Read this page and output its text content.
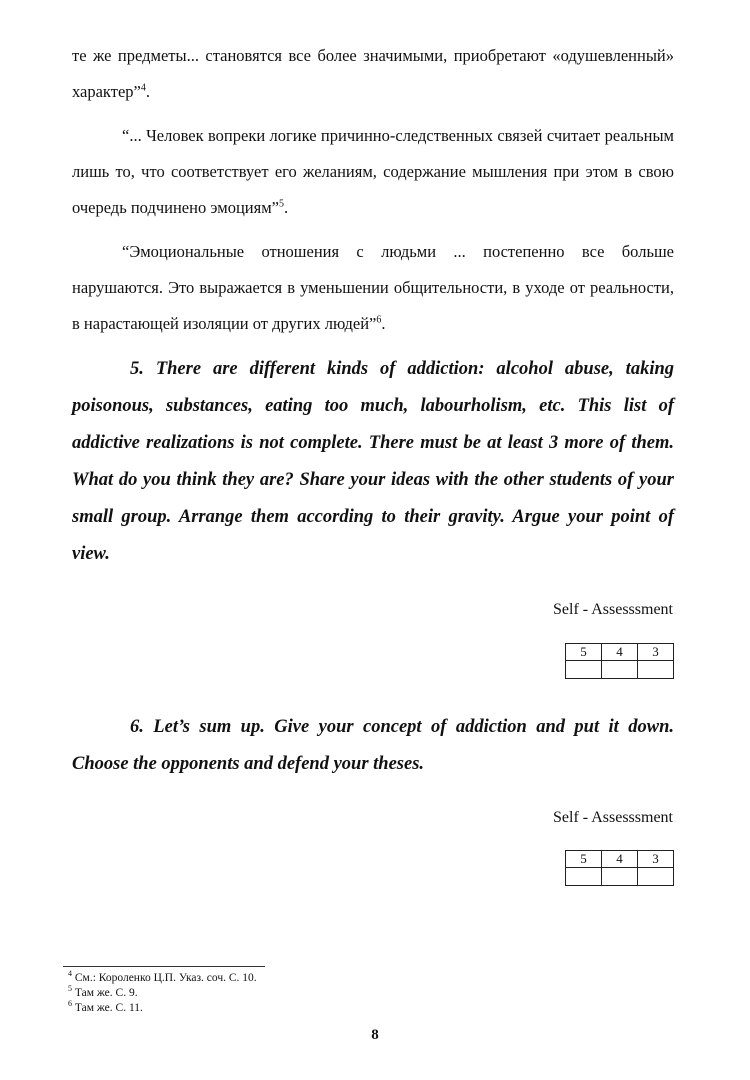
те же предметы... становятся все более значимыми, приобретают «одушевленный» характер”$^4$.

“... Человек вопреки логике причинно-следственных связей считает реальным лишь то, что соответствует его желаниям, содержание мышления при этом в свою очередь подчинено эмоциям”$^5$.

“Эмоциональные отношения с людьми ... постепенно все больше нарушаются. Это выражается в уменьшении общительности, в уходе от реальности, в нарастающей изоляции от других людей”$^6$.

5. There are different kinds of addiction: alcohol abuse, taking poisonous, substances, eating too much, labourholism, etc. This list of addictive realizations is not complete. There must be at least 3 more of them. What do you think they are? Share your ideas with the other students of your small group. Arrange them according to their gravity. Argue your point of view.

Self - Assesssment
5	4	3

6. Let’s sum up. Give your concept of addiction and put it down. Choose the opponents and defend your theses.

Self - Assesssment
5	4	3

$^4$ См.: Короленко Ц.П. Указ. соч. С. 10.
$^5$ Там же. С. 9.
$^6$ Там же. С. 11.
8
